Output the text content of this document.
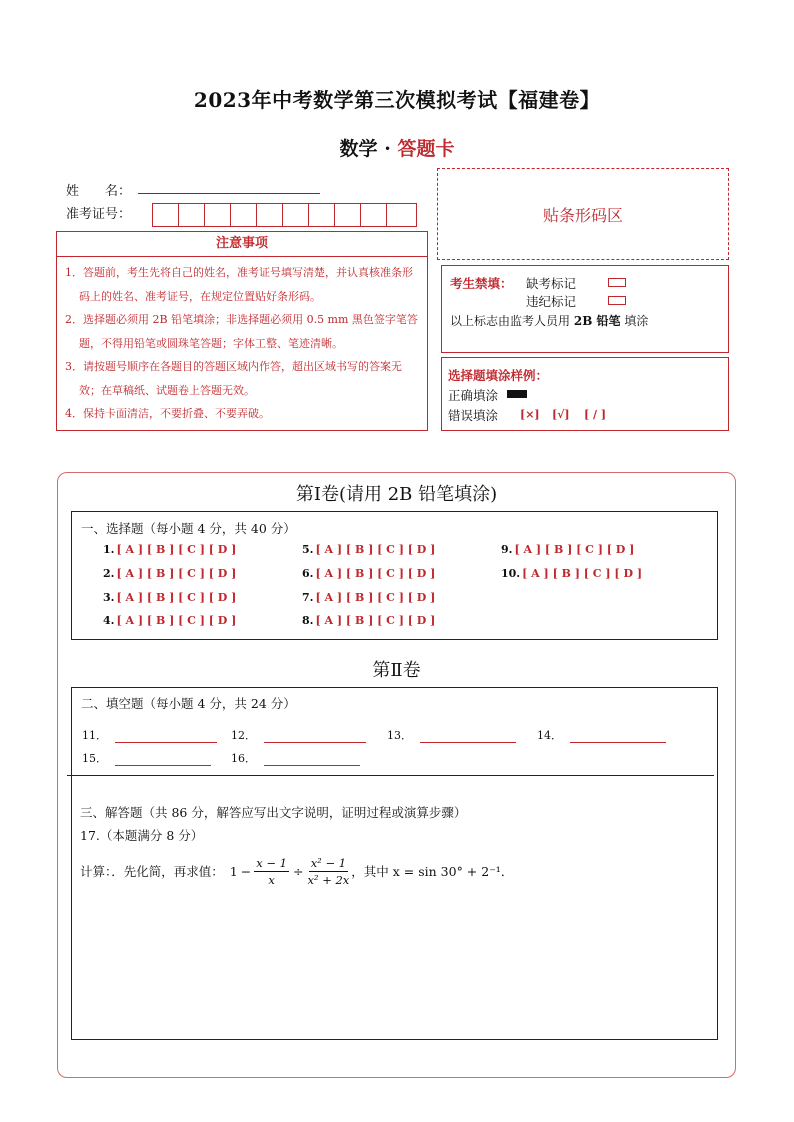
2023年中考数学第三次模拟考试【福建卷】
数学 · 答题卡
姓　　名：
准考证号：	贴条形码区
注意事项
1．答题前，考生先将自己的姓名，准考证号填写清楚，并认真核准条形码上的姓名、准考证号，在规定位置贴好条形码。
2．选择题必须用 2B 铅笔填涂；非选择题必须用 0.5 mm 黑色签字笔答题，不得用铅笔或圆珠笔答题；字体工整、笔迹清晰。
3．请按题号顺序在各题目的答题区域内作答，超出区域书写的答案无效；在草稿纸、试题卷上答题无效。
4．保持卡面清洁，不要折叠、不要弄破。
考生禁填： 缺考标记
违纪标记
以上标志由监考人员用 2B 铅笔 填涂
选择题填涂样例：
正确填涂
错误填涂 [×] [√] [ / ]
第Ⅰ卷(请用 2B 铅笔填涂)
一、选择题（每小题 4 分，共 40 分）
1. [ A ] [ B ] [ C ] [ D ]
2. [ A ] [ B ] [ C ] [ D ]
3. [ A ] [ B ] [ C ] [ D ]
4. [ A ] [ B ] [ C ] [ D ]
5. [ A ] [ B ] [ C ] [ D ]
6. [ A ] [ B ] [ C ] [ D ]
7. [ A ] [ B ] [ C ] [ D ]
8. [ A ] [ B ] [ C ] [ D ]
9. [ A ] [ B ] [ C ] [ D ]
10. [ A ] [ B ] [ C ] [ D ]
第Ⅱ卷
二、填空题（每小题 4 分，共 24 分）
11．	12．	13．	14．
15．	16．
三、解答题（共 86 分，解答应写出文字说明，证明过程或演算步骤）
17.（本题满分 8 分）
计算：．先化简，再求值： $1 - \frac{x - 1}{x} \div \frac{\text{x² − 1}}{\text{x² + 2x}}$ ，其中 x = sin 30° + 2⁻¹．
